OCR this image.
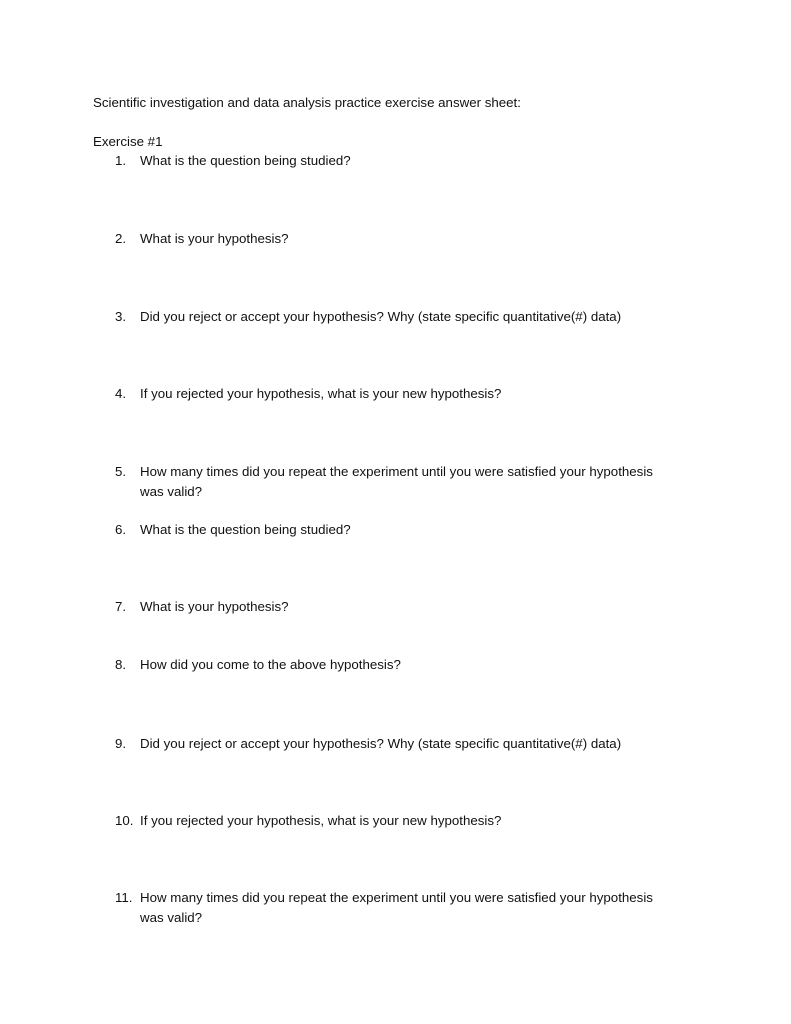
Scientific investigation and data analysis practice exercise answer sheet:
Exercise #1
1. What is the question being studied?
2. What is your hypothesis?
3. Did you reject or accept your hypothesis? Why (state specific quantitative(#) data)
4. If you rejected your hypothesis, what is your new hypothesis?
5. How many times did you repeat the experiment until you were satisfied your hypothesis
was valid?
6. What is the question being studied?
7. What is your hypothesis?
8. How did you come to the above hypothesis?
9. Did you reject or accept your hypothesis? Why (state specific quantitative(#) data)
10. If you rejected your hypothesis, what is your new hypothesis?
11. How many times did you repeat the experiment until you were satisfied your hypothesis
was valid?
